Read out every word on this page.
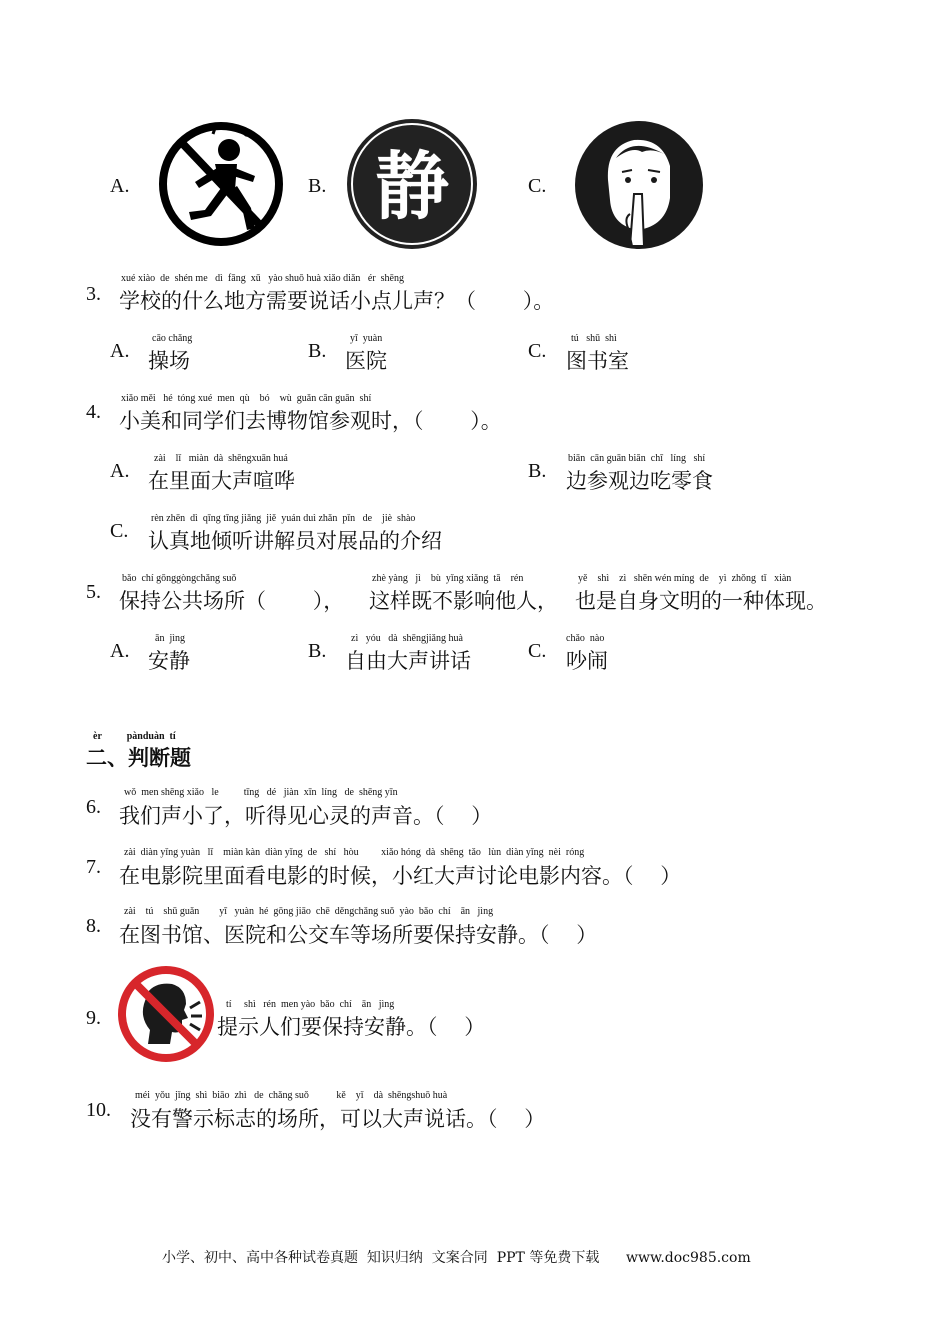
A.	B. 静	C.
xué xiào  de  shén me   dì  fāng  xū   yào shuō huà xiǎo diǎn   ér  shēng
3. 学校的什么地方需要说话小点儿声？（       ）。
A.
cāo chǎng
操场	B.
yī  yuàn
医院	C.
tú   shū  shì
图书室
xiǎo měi   hé  tóng xué  men  qù    bó    wù  guǎn cān guān  shí
4. 小美和同学们去博物馆参观时，（       ）。
A.
zài    lǐ   miàn  dà  shēngxuān huá
在里面大声喧哗	B.
biān  cān guān biān  chī   líng   shí
边参观边吃零食
C.
rèn zhēn  dì  qīng tīng jiǎng  jiě  yuán duì zhǎn  pǐn   de    jiè  shào
认真地倾听讲解员对展品的介绍
5.
bǎo  chí gōnggòngchǎng suǒ
保持公共场所（       ），
zhè yàng   jì    bù  yǐng xiǎng  tā    rén
这样既不影响他人，
yě    shì    zì   shēn wén míng  de    yì  zhǒng  tǐ   xiàn
也是自身文明的一种体现。
A.
ān  jìng
安静	B.
zì   yóu   dà  shēngjiǎng huà
自由大声讲话	C.
chǎo  nào
吵闹
èr          pànduàn  tí
二、判断题
wǒ  men shēng xiǎo   le          tīng   dé   jiàn  xīn  líng   de  shēng yīn
6. 我们声小了，听得见心灵的声音。（    ）
zài  diàn yǐng yuàn   lǐ    miàn kàn  diàn yǐng  de   shí   hòu         xiǎo hóng  dà  shēng  tǎo   lùn  diàn yǐng  nèi  róng
7. 在电影院里面看电影的时候，小红大声讨论电影内容。（    ）
zài    tú    shū guǎn        yī   yuàn  hé  gōng jiāo  chē  děngchǎng suǒ  yào  bǎo  chí    ān   jìng
8. 在图书馆、医院和公交车等场所要保持安静。（    ）
9.
tí     shì   rén  men yào  bǎo  chí    ān   jìng
提示人们要保持安静。（    ）
méi  yǒu  jǐng  shì  biāo  zhì   de  chǎng suǒ           kě    yǐ    dà  shēngshuō huà
10. 没有警示标志的场所，可以大声说话。（    ）
小学、初中、高中各种试卷真题  知识归纳  文案合同  PPT 等免费下载      www.doc985.com
